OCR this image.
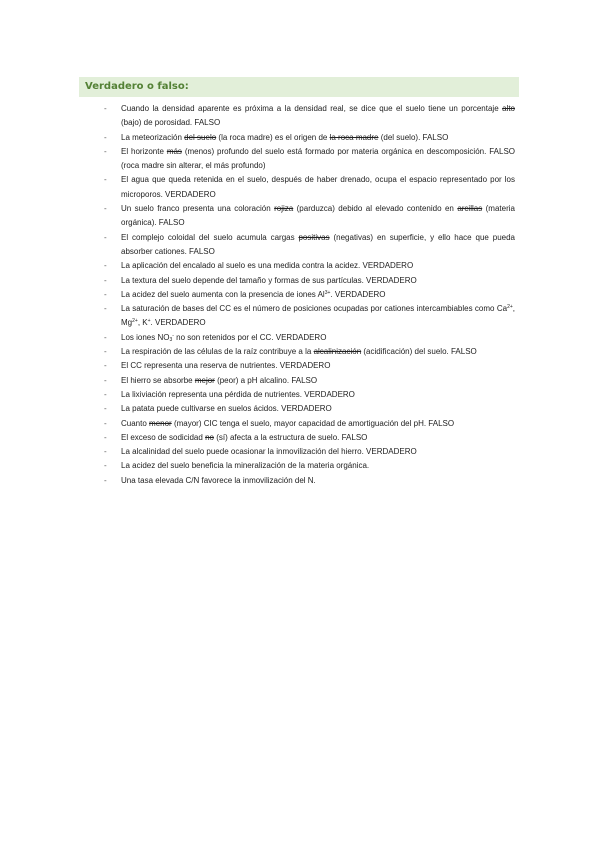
Verdadero o falso:
- Cuando la densidad aparente es próxima a la densidad real, se dice que el suelo tiene un porcentaje alto (bajo) de porosidad. FALSO
- La meteorización del suelo (la roca madre) es el origen de la roca madre (del suelo). FALSO
- El horizonte más (menos) profundo del suelo está formado por materia orgánica en descomposición. FALSO (roca madre sin alterar, el más profundo)
- El agua que queda retenida en el suelo, después de haber drenado, ocupa el espacio representado por los microporos. VERDADERO
- Un suelo franco presenta una coloración rojiza (parduzca) debido al elevado contenido en arcillas (materia orgánica). FALSO
- El complejo coloidal del suelo acumula cargas positivas (negativas) en superficie, y ello hace que pueda absorber cationes. FALSO
- La aplicación del encalado al suelo es una medida contra la acidez. VERDADERO
- La textura del suelo depende del tamaño y formas de sus partículas. VERDADERO
- La acidez del suelo aumenta con la presencia de iones $Al^{3+}$. VERDADERO
- La saturación de bases del CC es el número de posiciones ocupadas por cationes intercambiables como $Ca^{2+}$, $Mg^{2+}$, K+. VERDADERO
- Los iones $NO_3^-$ no son retenidos por el CC. VERDADERO
- La respiración de las células de la raíz contribuye a la alcalinización (acidificación) del suelo. FALSO
- El CC representa una reserva de nutrientes. VERDADERO
- El hierro se absorbe mejor (peor) a pH alcalino. FALSO
- La lixiviación representa una pérdida de nutrientes. VERDADERO
- La patata puede cultivarse en suelos ácidos. VERDADERO
- Cuanto menor (mayor) CIC tenga el suelo, mayor capacidad de amortiguación del pH. FALSO
- El exceso de sodicidad no (sí) afecta a la estructura de suelo. FALSO
- La alcalinidad del suelo puede ocasionar la inmovilización del hierro. VERDADERO
- La acidez del suelo beneficia la mineralización de la materia orgánica.
- Una tasa elevada C/N favorece la inmovilización del N.
